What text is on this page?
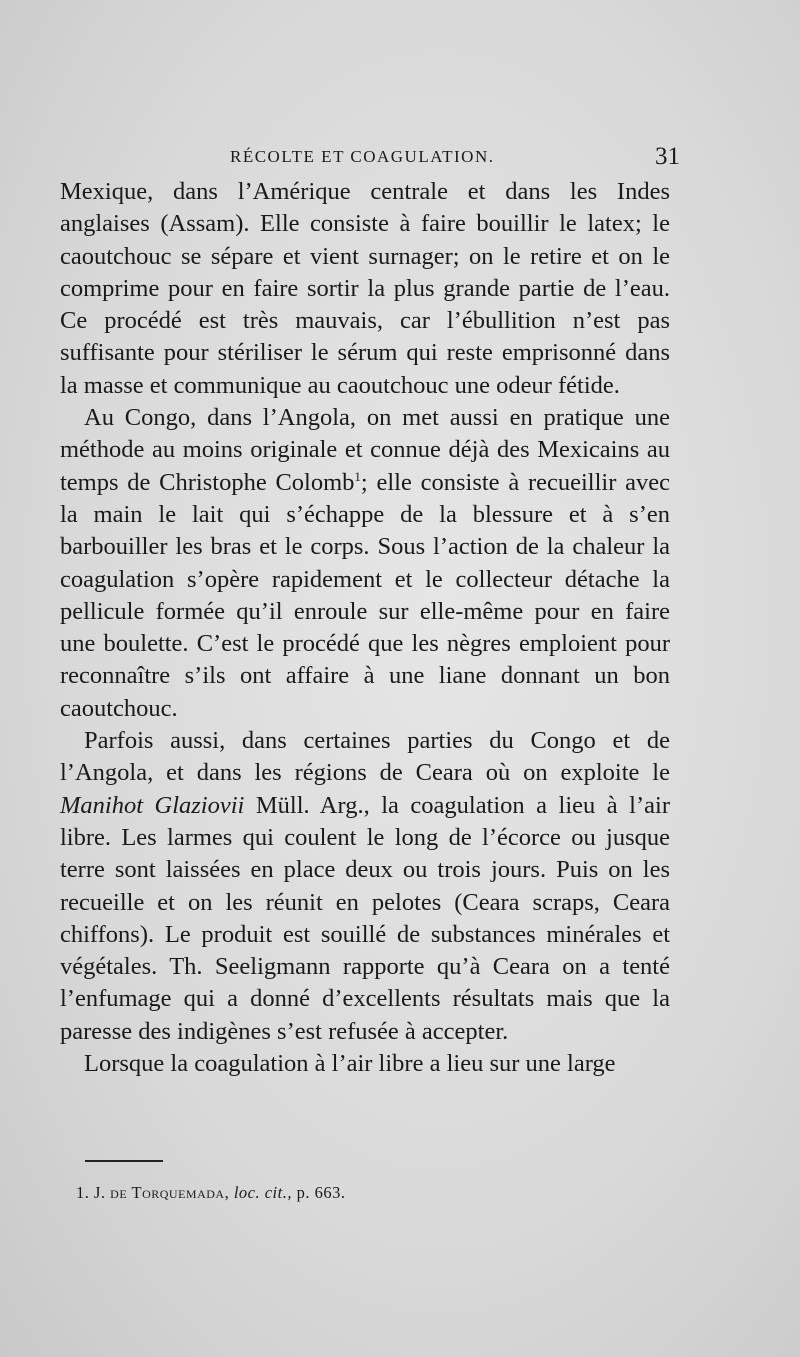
RÉCOLTE ET COAGULATION.	31

Mexique, dans l’Amérique centrale et dans les Indes anglaises (Assam). Elle consiste à faire bouillir le latex; le caoutchouc se sépare et vient surnager; on le retire et on le comprime pour en faire sortir la plus grande partie de l’eau. Ce procédé est très mauvais, car l’ébullition n’est pas suffisante pour stériliser le sérum qui reste emprisonné dans la masse et communique au caoutchouc une odeur fétide.

Au Congo, dans l’Angola, on met aussi en pratique une méthode au moins originale et connue déjà des Mexicains au temps de Christophe Colomb$^1$; elle consiste à recueillir avec la main le lait qui s’échappe de la blessure et à s’en barbouiller les bras et le corps. Sous l’action de la chaleur la coagulation s’opère rapidement et le collecteur détache la pellicule formée qu’il enroule sur elle-même pour en faire une boulette. C’est le procédé que les nègres emploient pour reconnaître s’ils ont affaire à une liane donnant un bon caoutchouc.

Parfois aussi, dans certaines parties du Congo et de l’Angola, et dans les régions de Ceara où on exploite le Manihot Glaziovii Müll. Arg., la coagulation a lieu à l’air libre. Les larmes qui coulent le long de l’écorce ou jusque terre sont laissées en place deux ou trois jours. Puis on les recueille et on les réunit en pelotes (Ceara scraps, Ceara chiffons). Le produit est souillé de substances minérales et végétales. Th. Seeligmann rapporte qu’à Ceara on a tenté l’enfumage qui a donné d’excellents résultats mais que la paresse des indigènes s’est refusée à accepter.

Lorsque la coagulation à l’air libre a lieu sur une large

1. J. de Torquemada, loc. cit., p. 663.
